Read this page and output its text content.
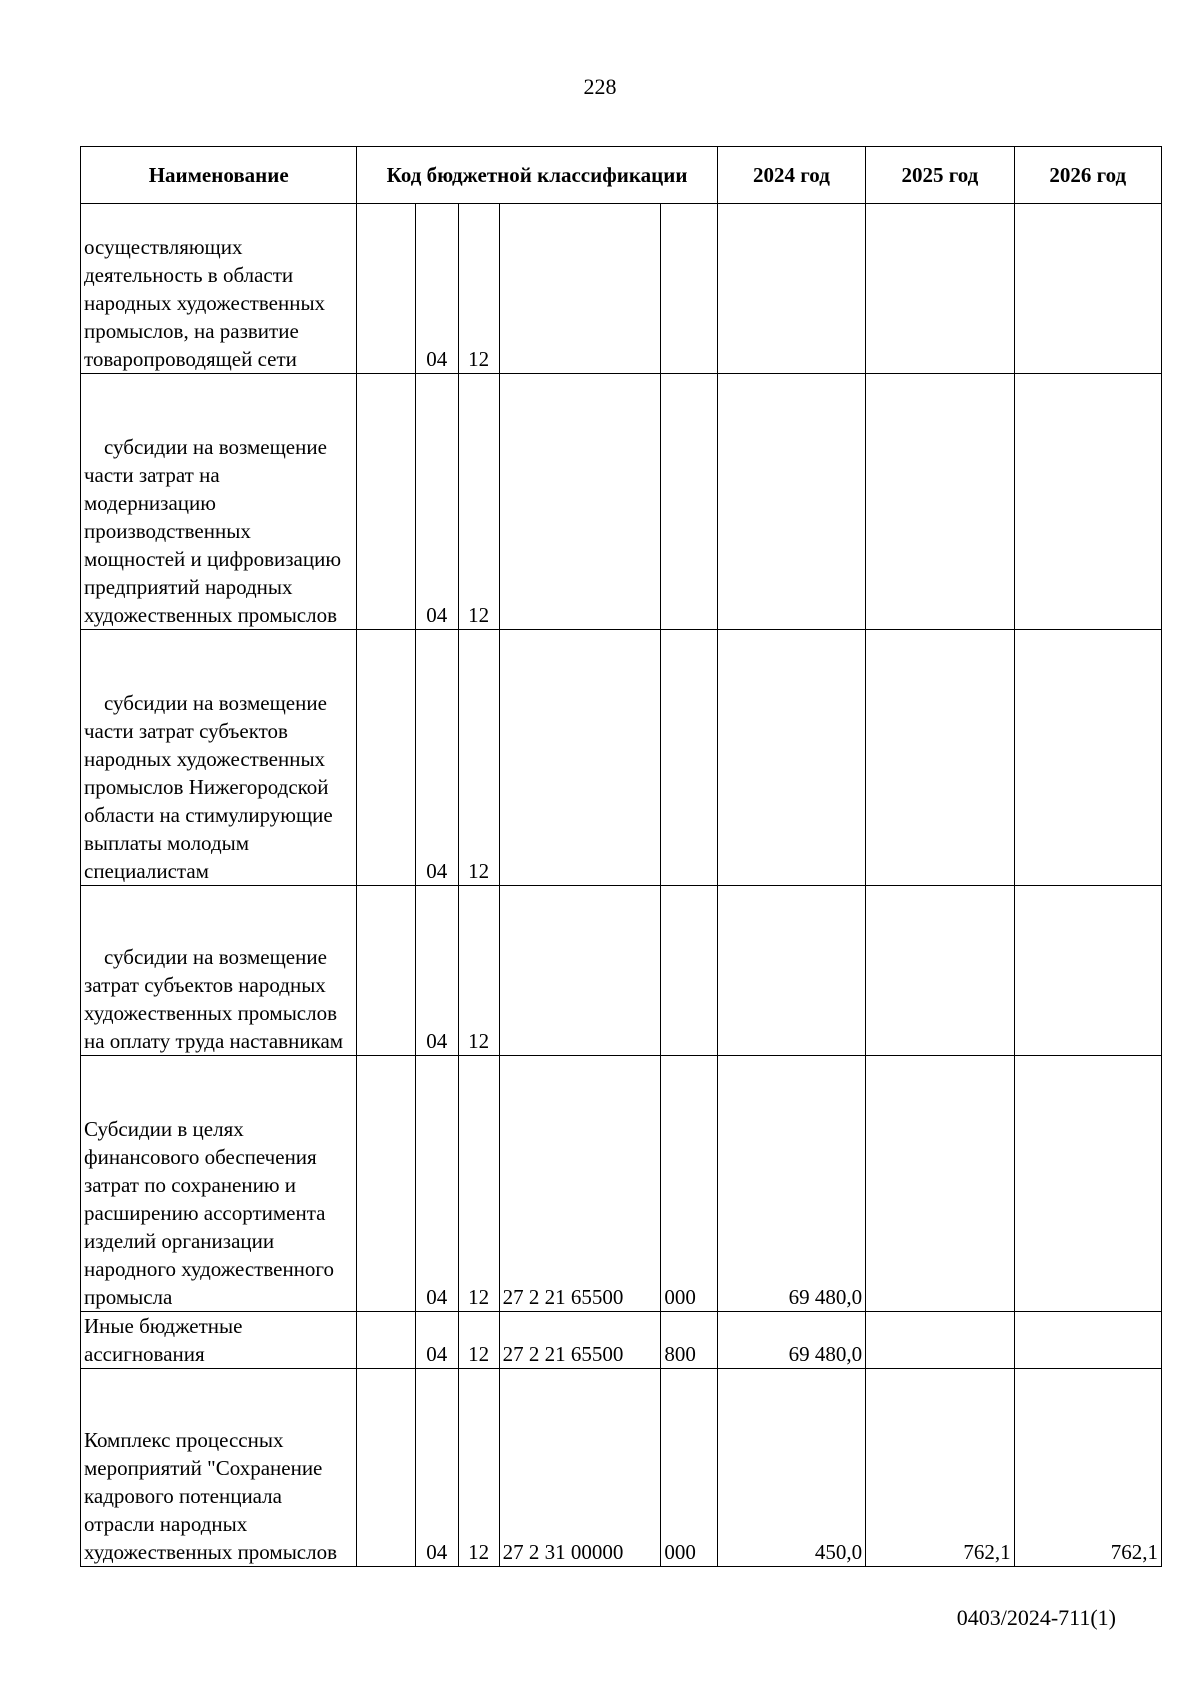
228
Наименование	Код бюджетной классификации					2024 год	2025 год	2026 год
осуществляющих деятельность в области народных художественных промыслов, на развитие товаропроводящей сети		04	12					
субсидии на возмещение части затрат на модернизацию производственных мощностей и цифровизацию предприятий народных художественных промыслов		04	12					
субсидии на возмещение части затрат субъектов народных художественных промыслов Нижегородской области на стимулирующие выплаты молодым специалистам		04	12					
субсидии на возмещение затрат субъектов народных художественных промыслов на оплату труда наставникам		04	12					
Субсидии в целях финансового обеспечения затрат по сохранению и расширению ассортимента изделий организации народного художественного промысла		04	12	27 2 21 65500	000	69 480,0		
Иные бюджетные ассигнования		04	12	27 2 21 65500	800	69 480,0		
Комплекс процессных мероприятий "Сохранение кадрового потенциала отрасли народных художественных промыслов		04	12	27 2 31 00000	000	450,0	762,1	762,1
0403/2024-711(1)
